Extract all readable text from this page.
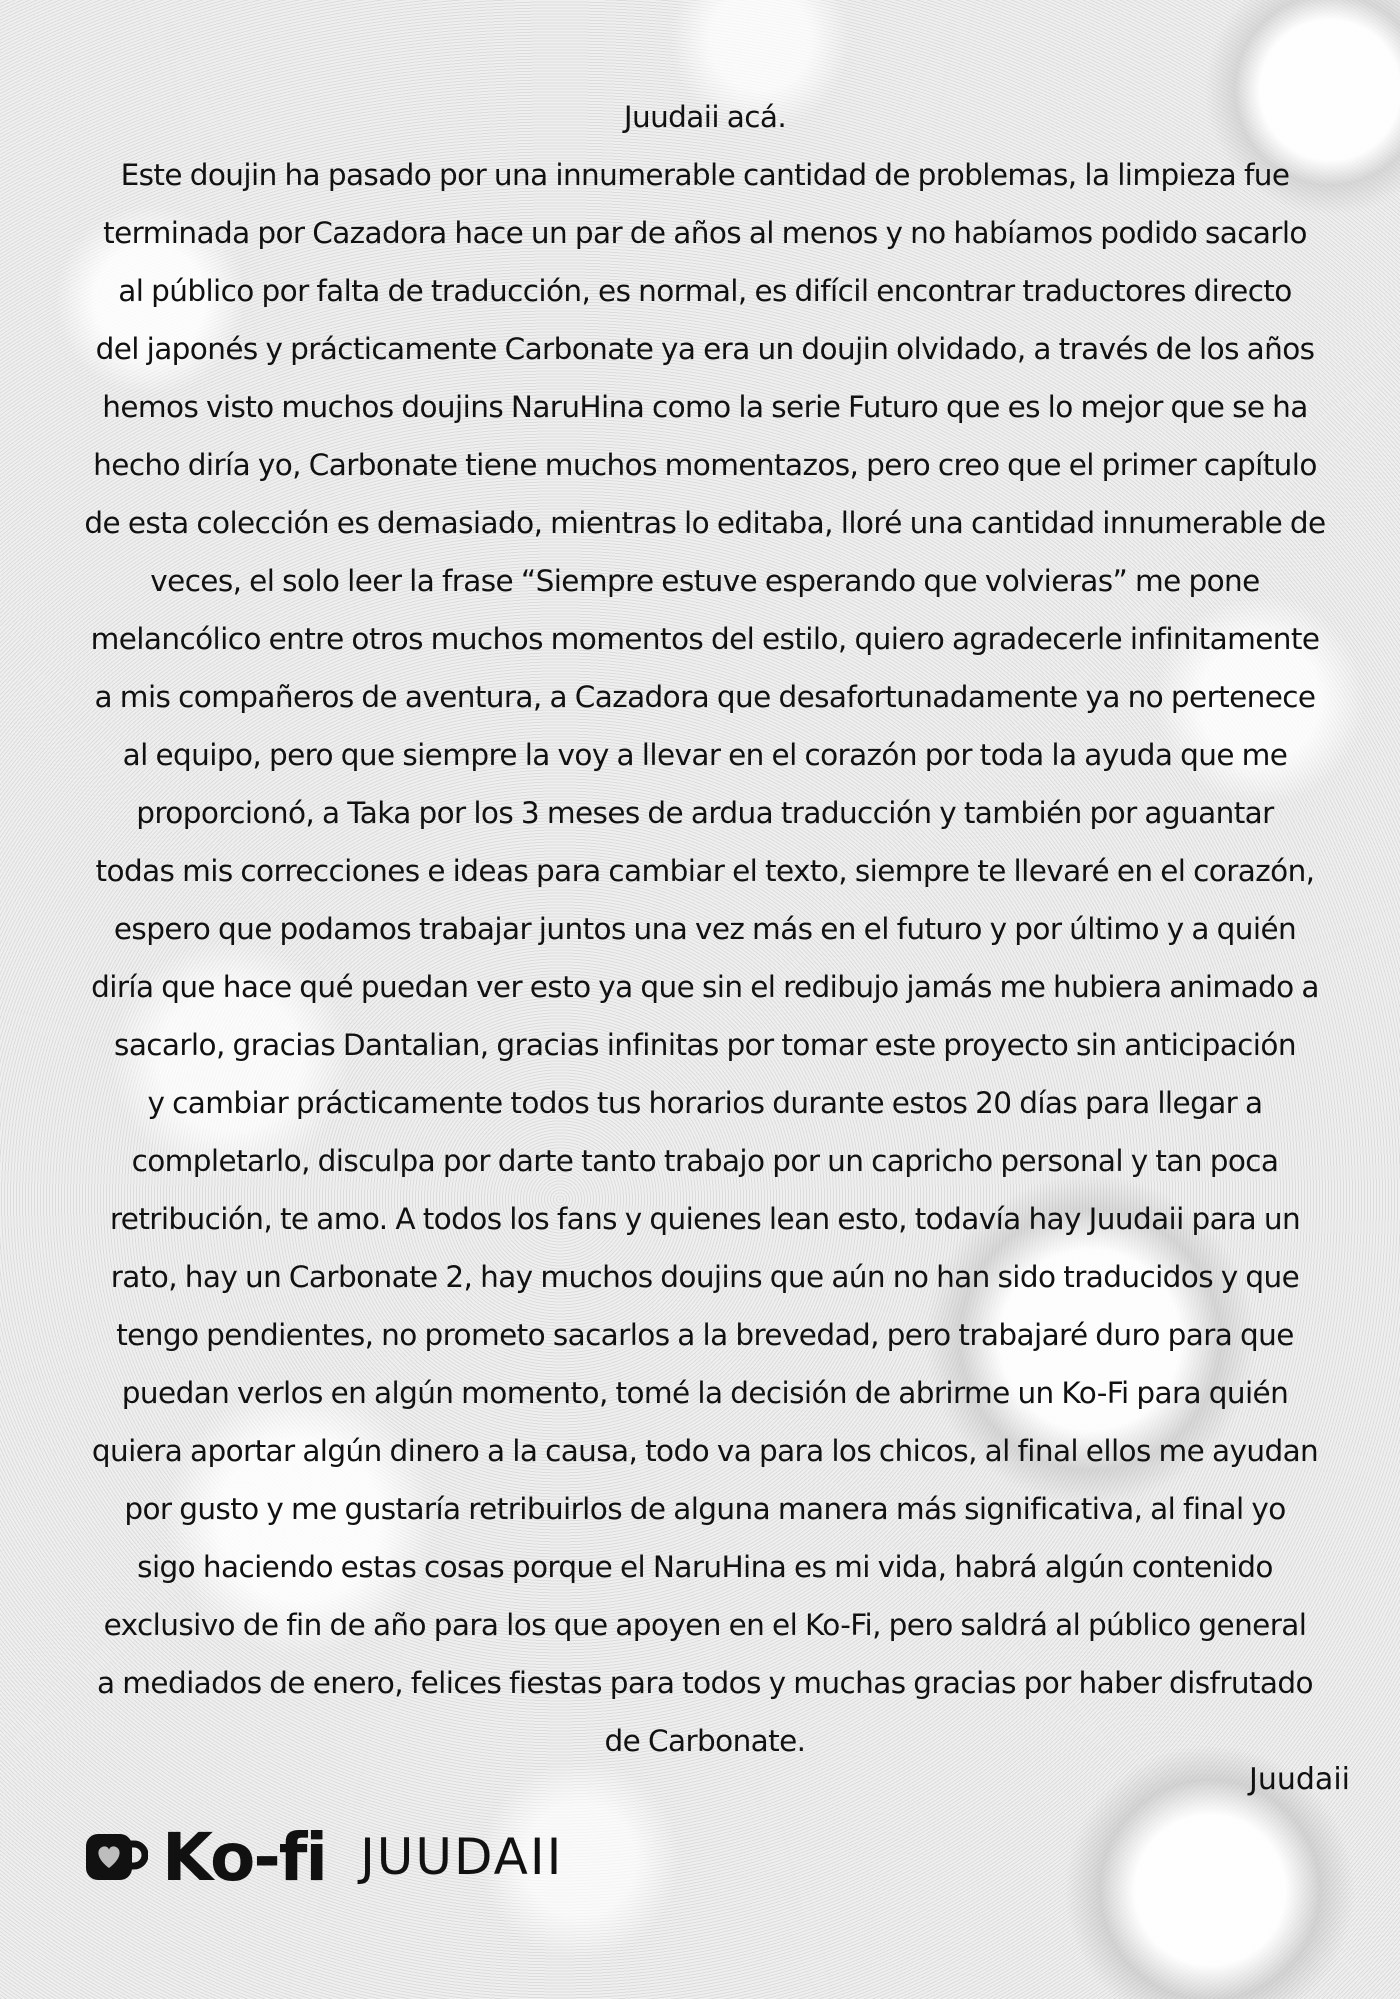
Juudaii acá.
Este doujin ha pasado por una innumerable cantidad de problemas, la limpieza fue
terminada por Cazadora hace un par de años al menos y no habíamos podido sacarlo
al público por falta de traducción, es normal, es difícil encontrar traductores directo
del japonés y prácticamente Carbonate ya era un doujin olvidado, a través de los años
hemos visto muchos doujins NaruHina como la serie Futuro que es lo mejor que se ha
hecho diría yo, Carbonate tiene muchos momentazos, pero creo que el primer capítulo
de esta colección es demasiado, mientras lo editaba, lloré una cantidad innumerable de
veces, el solo leer la frase “Siempre estuve esperando que volvieras” me pone
melancólico entre otros muchos momentos del estilo, quiero agradecerle infinitamente
a mis compañeros de aventura, a Cazadora que desafortunadamente ya no pertenece
al equipo, pero que siempre la voy a llevar en el corazón por toda la ayuda que me
proporcionó, a Taka por los 3 meses de ardua traducción y también por aguantar
todas mis correcciones e ideas para cambiar el texto, siempre te llevaré en el corazón,
espero que podamos trabajar juntos una vez más en el futuro y por último y a quién
diría que hace qué puedan ver esto ya que sin el redibujo jamás me hubiera animado a
sacarlo, gracias Dantalian, gracias infinitas por tomar este proyecto sin anticipación
y cambiar prácticamente todos tus horarios durante estos 20 días para llegar a
completarlo, disculpa por darte tanto trabajo por un capricho personal y tan poca
retribución, te amo. A todos los fans y quienes lean esto, todavía hay Juudaii para un
rato, hay un Carbonate 2, hay muchos doujins que aún no han sido traducidos y que
tengo pendientes, no prometo sacarlos a la brevedad, pero trabajaré duro para que
puedan verlos en algún momento, tomé la decisión de abrirme un Ko-Fi para quién
quiera aportar algún dinero a la causa, todo va para los chicos, al final ellos me ayudan
por gusto y me gustaría retribuirlos de alguna manera más significativa, al final yo
sigo haciendo estas cosas porque el NaruHina es mi vida, habrá algún contenido
exclusivo de fin de año para los que apoyen en el Ko-Fi, pero saldrá al público general
a mediados de enero, felices fiestas para todos y muchas gracias por haber disfrutado
de Carbonate.
Juudaii
Ko-fi JUUDAII
